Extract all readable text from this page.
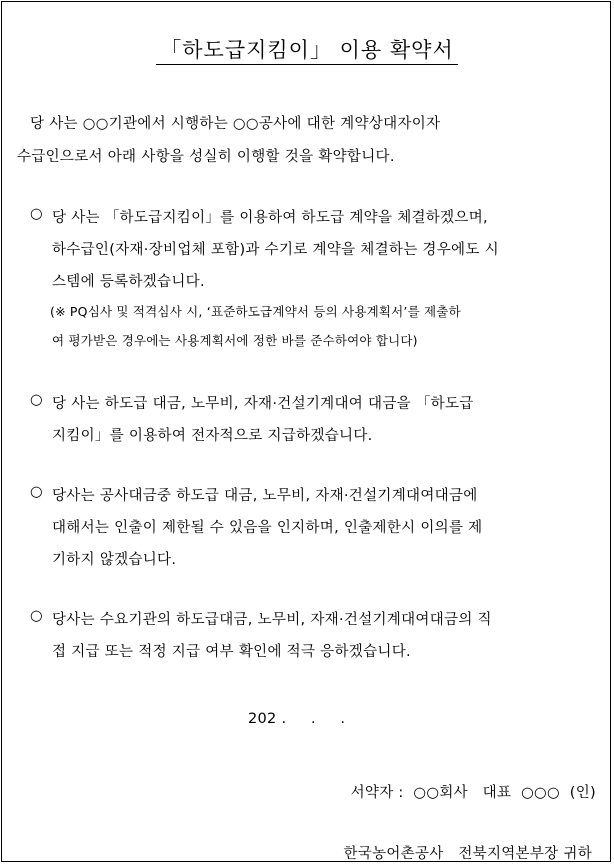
「하도급지킴이」 이용 확약서
당 사는 ○○기관에서 시행하는 ○○공사에 대한 계약상대자이자
수급인으로서 아래 사항을 성실히 이행할 것을 확약합니다.
○ 당 사는 「하도급지킴이」를 이용하여 하도급 계약을 체결하겠으며,
하수급인(자재·장비업체 포함)과 수기로 계약을 체결하는 경우에도 시
스템에 등록하겠습니다.
(※ PQ심사 및 적격심사 시, ‘표준하도급계약서 등의 사용계획서’를 제출하
여 평가받은 경우에는 사용계획서에 정한 바를 준수하여야 합니다)
○ 당 사는 하도급 대금, 노무비, 자재·건설기계대여 대금을 「하도급
지킴이」를 이용하여 전자적으로 지급하겠습니다.
○ 당사는 공사대금중 하도급 대금, 노무비, 자재·건설기계대여대금에
대해서는 인출이 제한될 수 있음을 인지하며, 인출제한시 이의를 제
기하지 않겠습니다.
○ 당사는 수요기관의 하도급대금, 노무비, 자재·건설기계대여대금의 직
접 지급 또는 적정 지급 여부 확인에 적극 응하겠습니다.
202 .     .     .
서약자 :  ○○회사   대표  ○○○  (인)
한국농어촌공사   전북지역본부장 귀하
